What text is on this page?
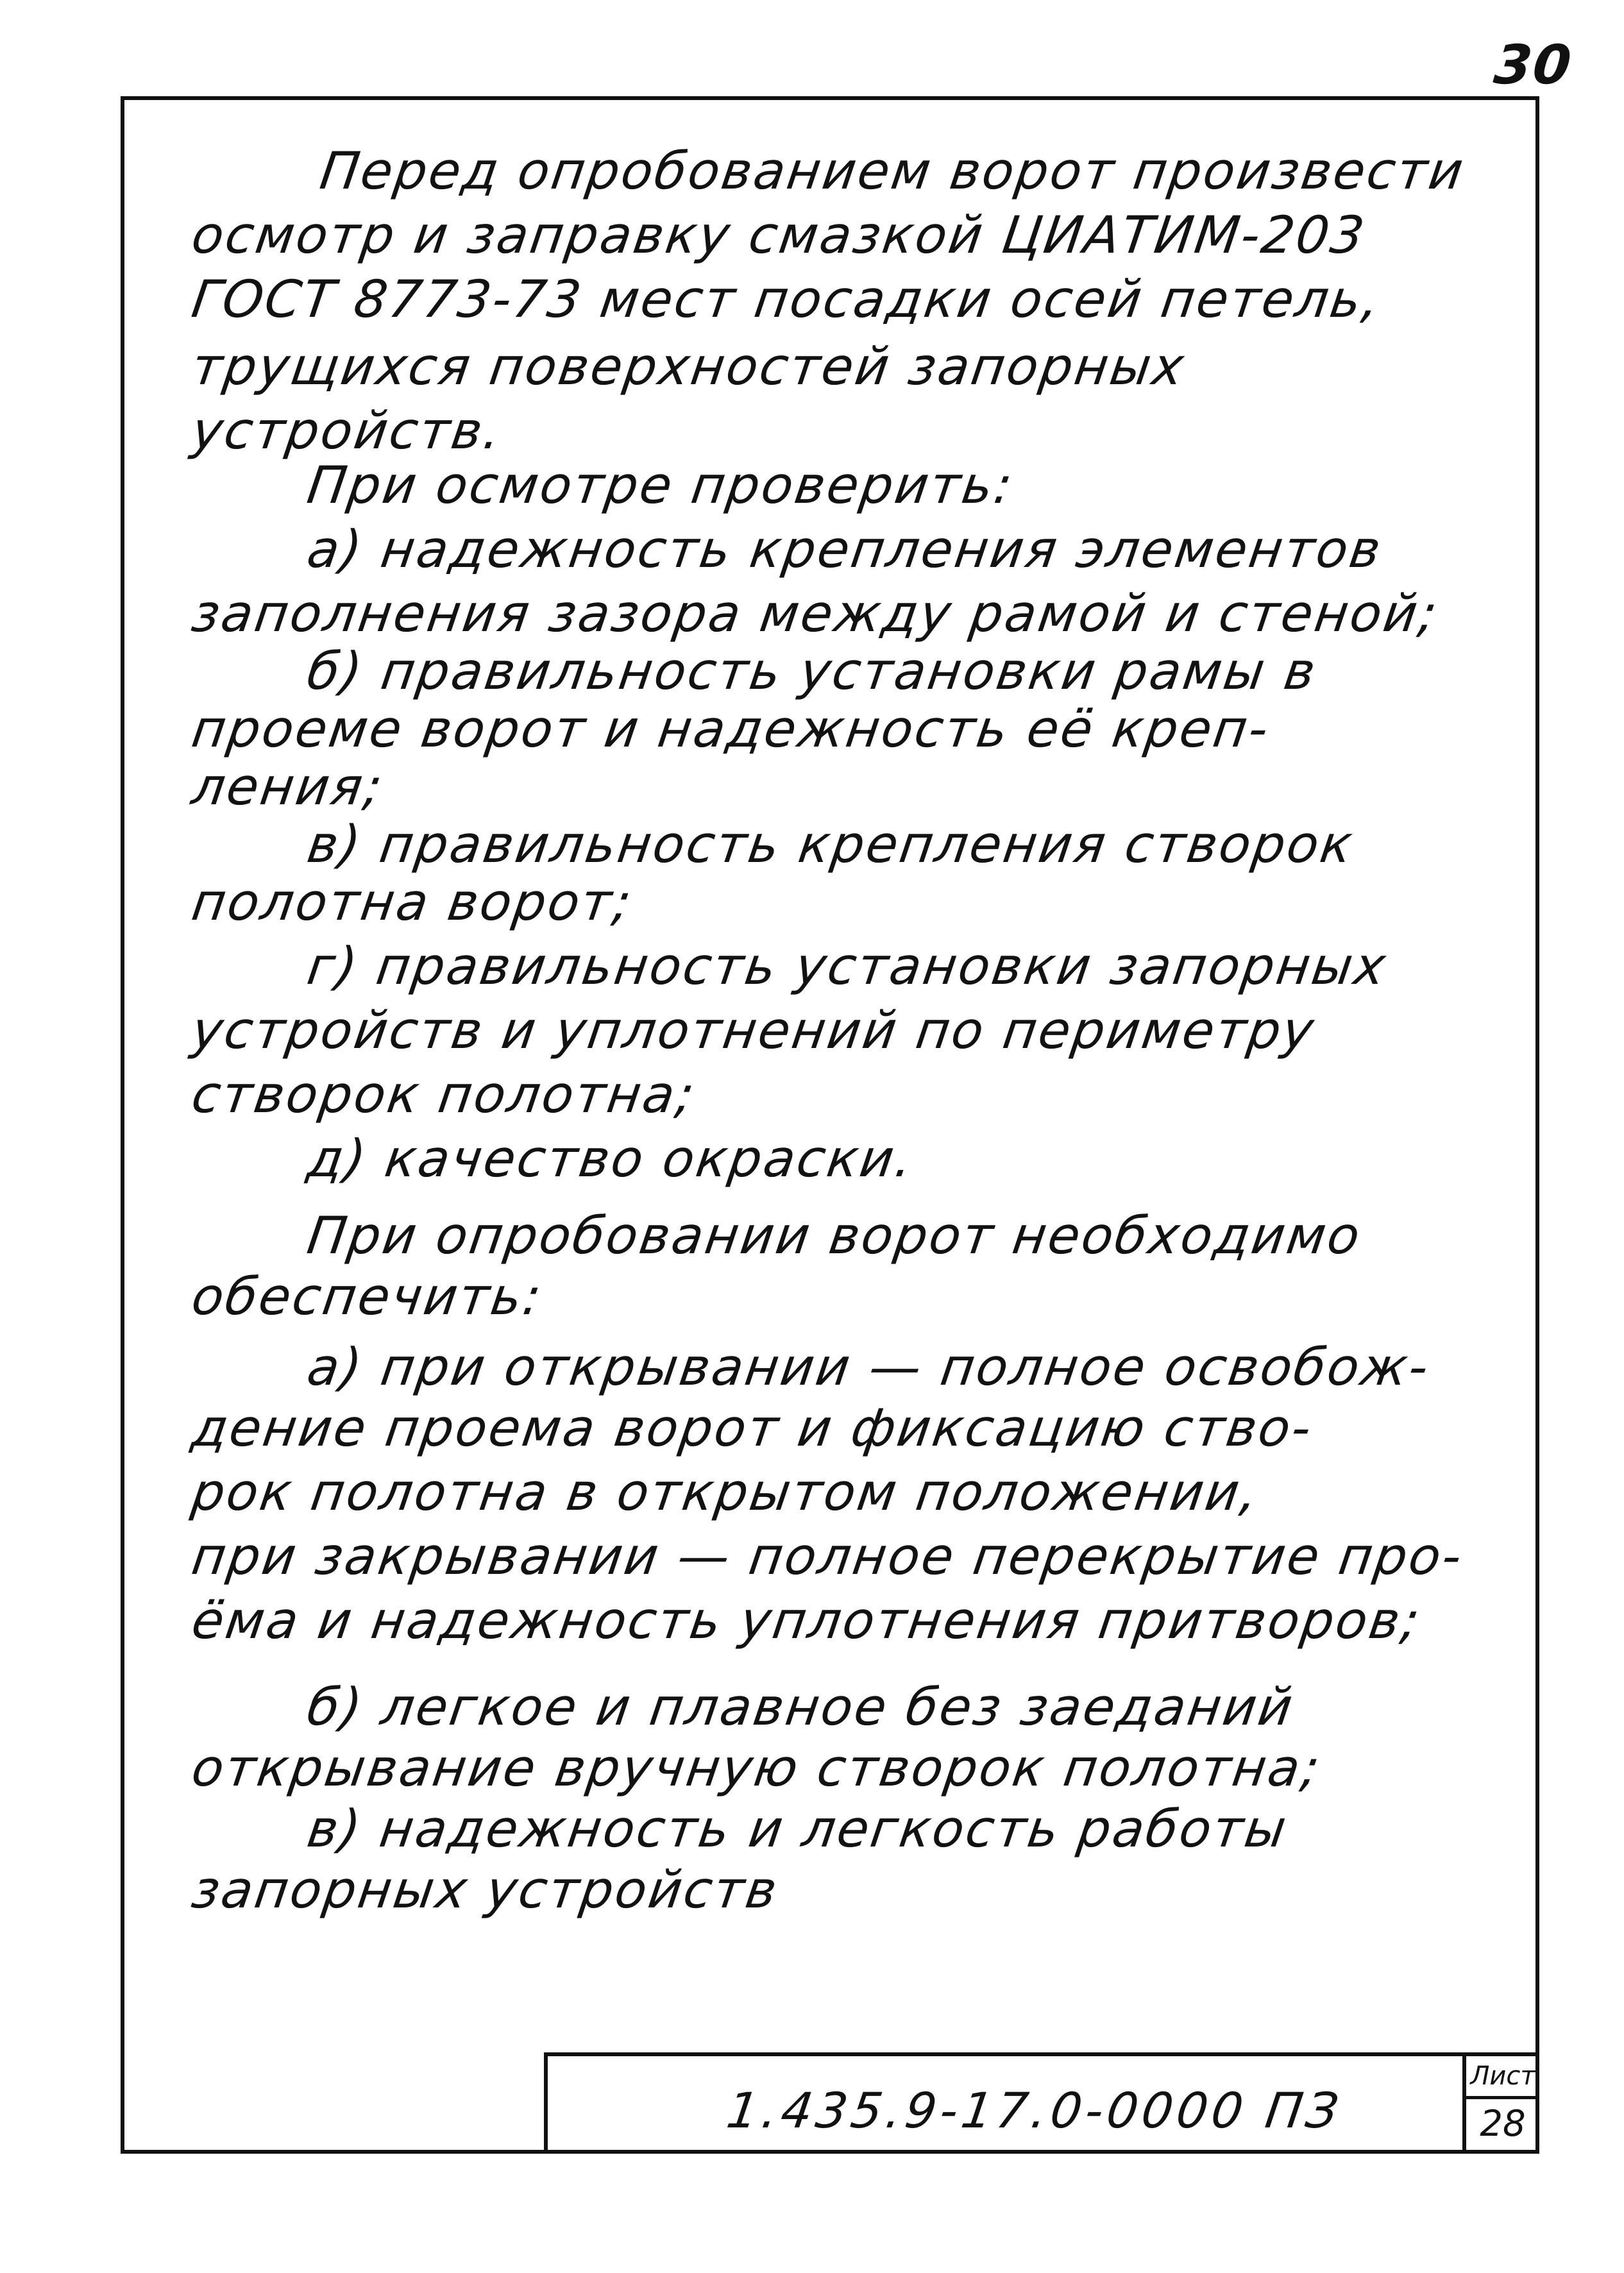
30
Перед опробованием ворот произвести
осмотр и заправку смазкой ЦИАТИМ-203
ГОСТ 8773-73 мест посадки осей петель,
трущихся поверхностей запорных
устройств.
При осмотре проверить:
а) надежность крепления элементов
заполнения зазора между рамой и стеной;
б) правильность установки рамы в
проеме ворот и надежность её креп-
ления;
в) правильность крепления створок
полотна ворот;
г) правильность установки запорных
устройств и уплотнений по периметру
створок полотна;
д) качество окраски.
При опробовании ворот необходимо
обеспечить:
а) при открывании — полное освобож-
дение проема ворот и фиксацию ство-
рок полотна в открытом положении,
при закрывании — полное перекрытие про-
ёма и надежность уплотнения притворов;
б) легкое и плавное без заеданий
открывание вручную створок полотна;
в) надежность и легкость работы
запорных устройств
1.435.9-17.0-0000 ПЗ
Лист
28
